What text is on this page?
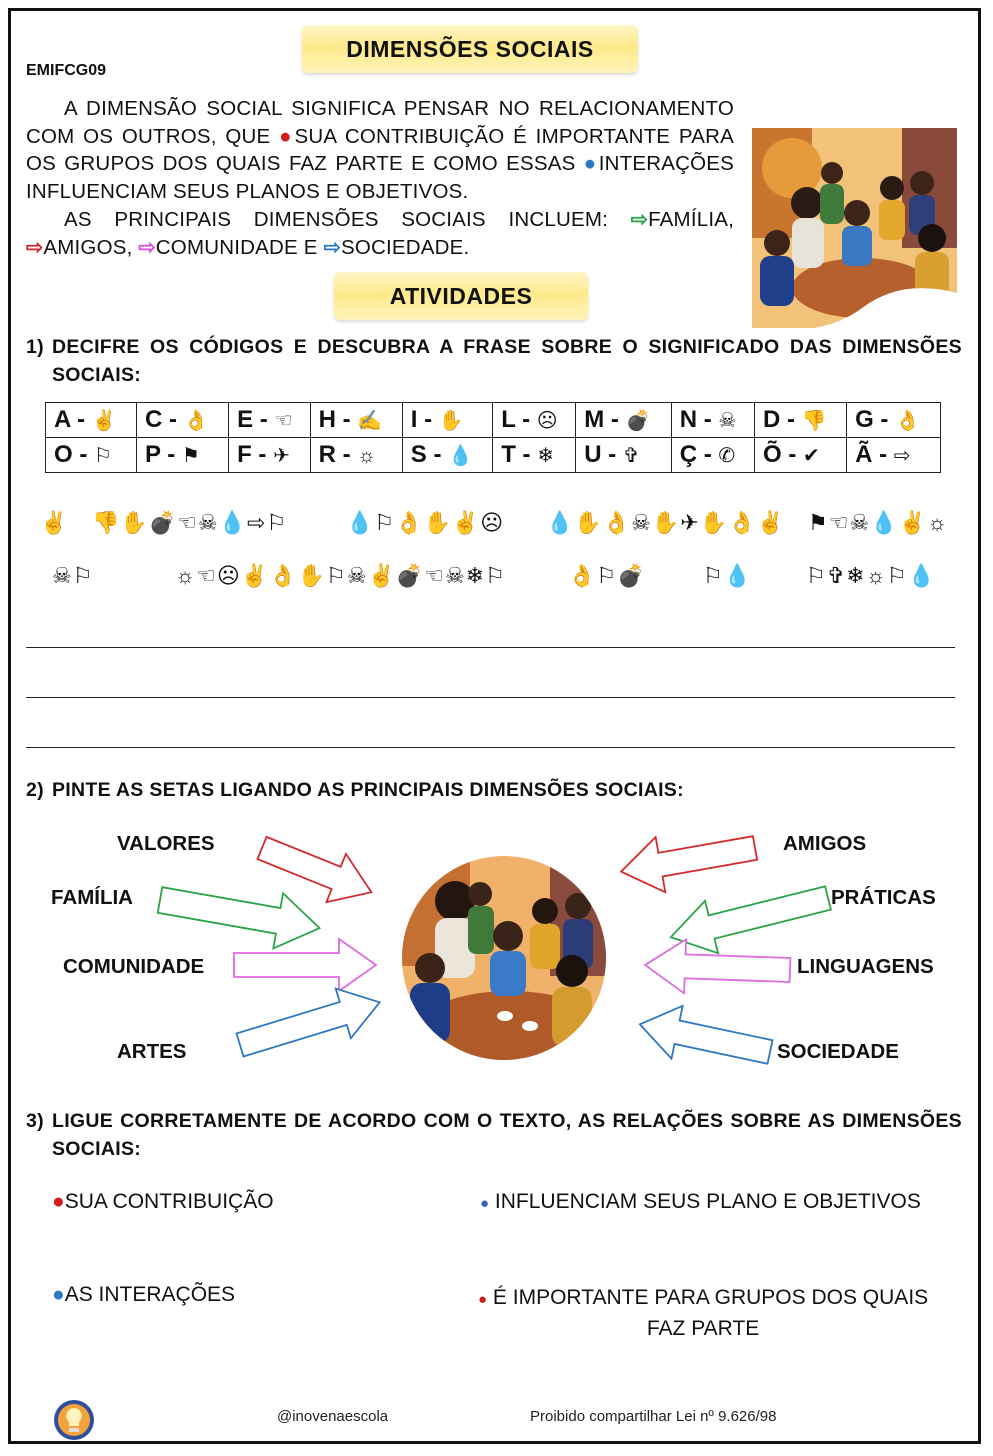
EMIFCG09
DIMENSÕES SOCIAIS
A DIMENSÃO SOCIAL SIGNIFICA PENSAR NO RELACIONAMENTO COM OS OUTROS, QUE ●SUA CONTRIBUIÇÃO É IMPORTANTE PARA OS GRUPOS DOS QUAIS FAZ PARTE E COMO ESSAS ●INTERAÇÕES INFLUENCIAM SEUS PLANOS E OBJETIVOS.
AS PRINCIPAIS DIMENSÕES SOCIAIS INCLUEM: ⇨FAMÍLIA, ⇨AMIGOS, ⇨COMUNIDADE E ⇨SOCIEDADE.
ATIVIDADES
1) DECIFRE OS CÓDIGOS E DESCUBRA A FRASE SOBRE O SIGNIFICADO DAS DIMENSÕES SOCIAIS:
A - ✌	C - 👌	E - ☜	H - ✍	I - ✋	L - ☹	M - 💣	N - ☠	D - 👎	G - 👌
O - ⚐	P - ⚑	F - ✈	R - ☼	S - 💧	T - ❄	U - ✞	Ç - ✆	Õ - ✔	Ã - ⇨
✌ 👎✋💣☜☠💧⇨⚐	💧⚐👌✋✌☹ 💧✋👌☠✋✈✋👌✌ ⚑☜☠💧✌☼
☠⚐	☼☜☹✌👌✋⚐☠✌💣☜☠❄⚐	👌⚐💣	⚐💧 ⚐✞❄☼⚐💧
2) PINTE AS SETAS LIGANDO AS PRINCIPAIS DIMENSÕES SOCIAIS:
VALORES
FAMÍLIA
COMUNIDADE
ARTES
AMIGOS
PRÁTICAS
LINGUAGENS
SOCIEDADE
3) LIGUE CORRETAMENTE DE ACORDO COM O TEXTO, AS RELAÇÕES SOBRE AS DIMENSÕES SOCIAIS:
●SUA CONTRIBUIÇÃO
●AS INTERAÇÕES
● INFLUENCIAM SEUS PLANO E OBJETIVOS
● É IMPORTANTE PARA GRUPOS DOS QUAIS
FAZ PARTE
@inovenaescola	Proibido compartilhar Lei nº 9.626/98
